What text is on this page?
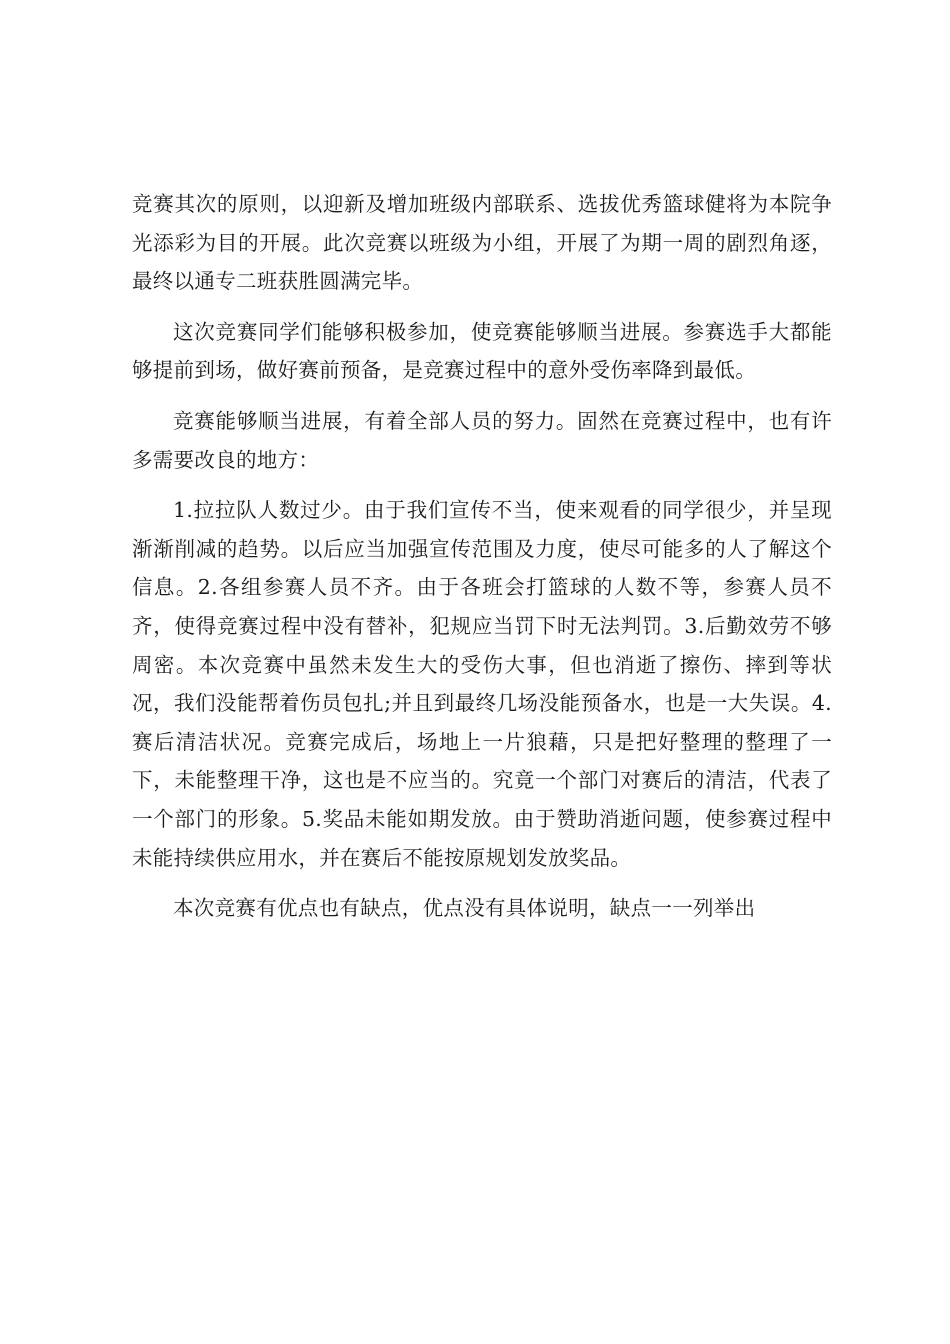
竞赛其次的原则，以迎新及增加班级内部联系、选拔优秀篮球健将为本院争光添彩为目的开展。此次竞赛以班级为小组，开展了为期一周的剧烈角逐，最终以通专二班获胜圆满完毕。

这次竞赛同学们能够积极参加，使竞赛能够顺当进展。参赛选手大都能够提前到场，做好赛前预备，是竞赛过程中的意外受伤率降到最低。

竞赛能够顺当进展，有着全部人员的努力。固然在竞赛过程中，也有许多需要改良的地方：

1.拉拉队人数过少。由于我们宣传不当，使来观看的同学很少，并呈现渐渐削减的趋势。以后应当加强宣传范围及力度，使尽可能多的人了解这个信息。2.各组参赛人员不齐。由于各班会打篮球的人数不等，参赛人员不齐，使得竞赛过程中没有替补，犯规应当罚下时无法判罚。3.后勤效劳不够周密。本次竞赛中虽然未发生大的受伤大事，但也消逝了擦伤、摔到等状况，我们没能帮着伤员包扎;并且到最终几场没能预备水，也是一大失误。4.赛后清洁状况。竞赛完成后，场地上一片狼藉，只是把好整理的整理了一下，未能整理干净，这也是不应当的。究竟一个部门对赛后的清洁，代表了一个部门的形象。5.奖品未能如期发放。由于赞助消逝问题，使参赛过程中未能持续供应用水，并在赛后不能按原规划发放奖品。

本次竞赛有优点也有缺点，优点没有具体说明，缺点一一列举出
